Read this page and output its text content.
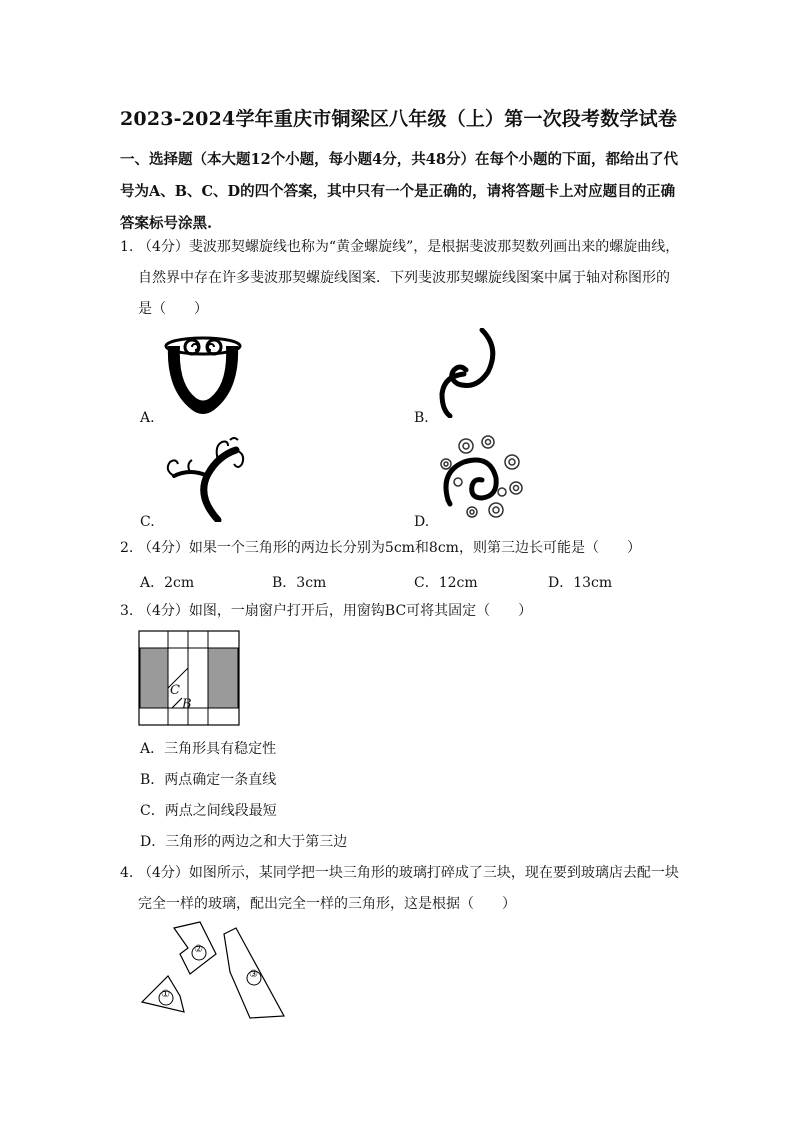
2023-2024学年重庆市铜梁区八年级（上）第一次段考数学试卷
一、选择题（本大题12个小题，每小题4分，共48分）在每个小题的下面，都给出了代号为A、B、C、D的四个答案，其中只有一个是正确的，请将答题卡上对应题目的正确答案标号涂黑.
1. （4分）斐波那契螺旋线也称为“黄金螺旋线”，是根据斐波那契数列画出来的螺旋曲线，自然界中存在许多斐波那契螺旋线图案．下列斐波那契螺旋线图案中属于轴对称图形的是（　　）
A.	B.
C.	D.
2. （4分）如果一个三角形的两边长分别为5cm和8cm，则第三边长可能是（　　）
A．2cm	B．3cm	C．12cm	D．13cm
3. （4分）如图，一扇窗户打开后，用窗钩BC可将其固定（　　）
C
B
A．三角形具有稳定性
B．两点确定一条直线
C．两点之间线段最短
D．三角形的两边之和大于第三边
4. （4分）如图所示，某同学把一块三角形的玻璃打碎成了三块，现在要到玻璃店去配一块完全一样的玻璃，配出完全一样的三角形，这是根据（　　）
①
②
③
